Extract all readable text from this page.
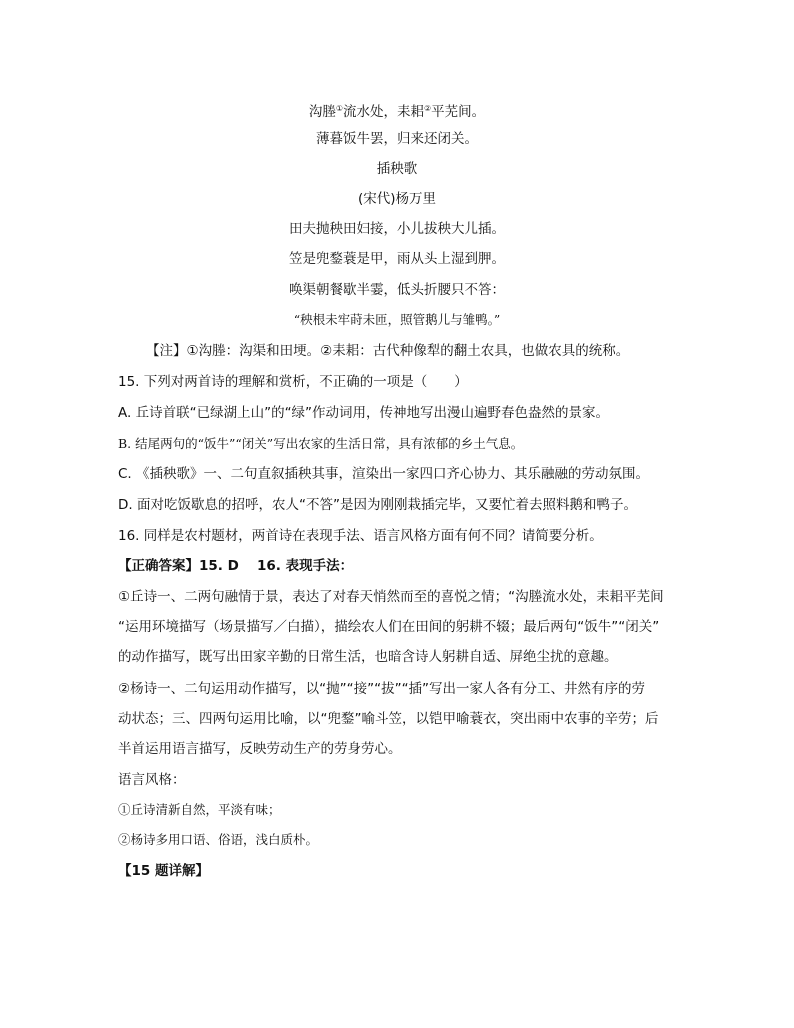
沟塍①流水处，耒耜②平芜间。
薄暮饭牛罢，归来还闭关。
插秧歌
(宋代)杨万里
田夫抛秧田妇接，小儿拔秧大儿插。
笠是兜鍪蓑是甲，雨从头上湿到胛。
唤渠朝餐歇半霎，低头折腰只不答：
“秧根未牢莳未匝，照管鹅儿与雏鸭。”
【注】①沟塍：沟渠和田埂。②耒耜：古代种像犁的翻土农具，也做农具的统称。
15. 下列对两首诗的理解和赏析，不正确的一项是（　　）
A. 丘诗首联“已绿湖上山”的“绿”作动词用，传神地写出漫山遍野春色盎然的景家。
B. 结尾两句的“饭牛”“闭关”写出农家的生活日常，具有浓郁的乡土气息。
C. 《插秧歌》一、二句直叙插秧其事，渲染出一家四口齐心协力、其乐融融的劳动氛围。
D. 面对吃饭歇息的招呼，农人“不答”是因为刚刚栽插完毕，又要忙着去照料鹅和鸭子。
16. 同样是农村题材，两首诗在表现手法、语言风格方面有何不同？请简要分析。
【正确答案】15. D　 16. 表现手法：
①丘诗一、二两句融情于景，表达了对春天悄然而至的喜悦之情；“沟塍流水处，耒耜平芜间
“运用环境描写（场景描写／白描），描绘农人们在田间的躬耕不辍；最后两句“饭牛”“闭关”
的动作描写，既写出田家辛勤的日常生活，也暗含诗人躬耕自适、屏绝尘扰的意趣。
②杨诗一、二句运用动作描写，以“抛”“接”“拔”“插”写出一家人各有分工、井然有序的劳
动状态；三、四两句运用比喻，以“兜鍪”喻斗笠，以铠甲喻蓑衣，突出雨中农事的辛劳；后
半首运用语言描写，反映劳动生产的劳身劳心。
语言风格：
①丘诗清新自然，平淡有味；
②杨诗多用口语、俗语，浅白质朴。
【15 题详解】
